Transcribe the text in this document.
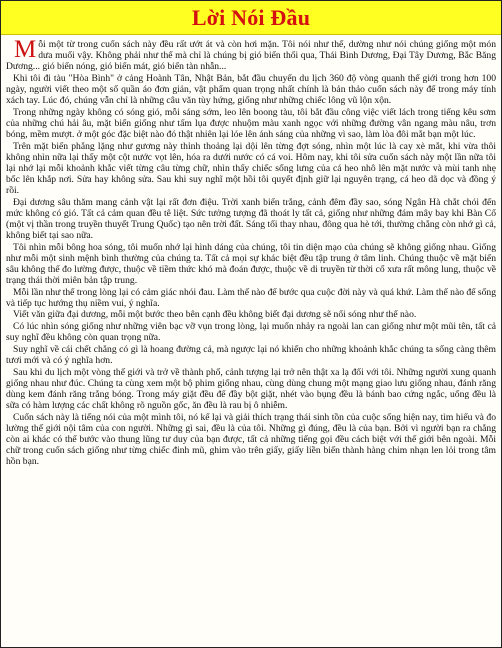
Lời Nói Đầu

Mỗi một từ trong cuốn sách này đều rất ướt át và còn hơi mặn. Tôi nói như thế, dường như nói chúng giống một món dưa muối vậy. Không phải như thế mà chỉ là chúng bị gió biển thổi qua, Thái Bình Dương, Đại Tây Dương, Bắc Băng Dương... gió biển nóng, gió biển mát, gió biển tàn nhẫn...

Khi tôi đi tàu "Hòa Bình" ở cảng Hoành Tân, Nhật Bản, bắt đầu chuyến du lịch 360 độ vòng quanh thế giới trong hơn 100 ngày, người viết theo một số quần áo đơn giản, vật phẩm quan trọng nhất chính là bản thảo cuốn sách này để trong máy tính xách tay. Lúc đó, chúng vẫn chỉ là những câu văn tùy hứng, giống như những chiếc lông vũ lộn xộn.

Trong những ngày không có sóng gió, mỗi sáng sớm, leo lên boong tàu, tôi bắt đầu công việc viết lách trong tiếng kêu sơm của những chú hải âu, mặt biển giống như tấm lụa được nhuộm màu xanh ngọc với những đường vân ngang màu nâu, trơn bóng, mềm mượt. ở một góc đặc biệt nào đó thật nhiên lại lóe lên ánh sáng của những vì sao, làm lòa đôi mắt bạn một lúc.

Trên mặt biển phẳng lặng như gương này thỉnh thoảng lại dội lên từng đợt sóng, nhìn một lúc là cay xè mắt, khi vừa thôi không nhìn nữa lại thấy một cột nước vọt lên, hóa ra dưới nước có cá voi. Hôm nay, khi tôi sửa cuốn sách này một lần nữa tôi lại nhớ lại mỗi khoảnh khắc viết từng câu từng chữ, nhìn thấy chiếc sống lưng của cá heo nhô lên mặt nước và mùi tanh nhẹ bốc lên khắp nơi. Sửa hay không sửa. Sau khi suy nghĩ một hồi tôi quyết định giữ lại nguyên trạng, cá heo dã dọc và đồng ý rồi.

Đại dương sâu thăm mang cảnh vật lại rất đơn điệu. Trời xanh biển trắng, cảnh đêm đầy sao, sóng Ngân Hà chắt chói đến mức không có gió. Tất cả cảm quan đều tê liệt. Sức tưởng tượng đã thoát ly tất cả, giống như những đám mây bay khi Bàn Cổ (một vị thần trong truyền thuyết Trung Quốc) tạo nên trời đất. Sáng tối thay nhau, đông qua hè tới, thường chẳng còn nhớ gì cả, không biết tại sao nữa.

Tôi nhìn mỗi bông hoa sóng, tôi muốn nhớ lại hình dáng của chúng, tôi tin diện mạo của chúng sẽ không giống nhau. Giống như mỗi một sinh mệnh bình thường của chúng ta. Tất cả mọi sự khác biệt đều tập trung ở tâm linh. Chúng thuộc về mặt biển sâu không thể đo lường được, thuộc về tiềm thức khó mà đoán được, thuộc về di truyền từ thời cổ xưa rất mông lung, thuộc về trạng thái thời miên bản tập trung.

Mỗi lần như thế trong lòng lại có cảm giác nhói đau. Làm thế nào để bước qua cuộc đời này và quá khứ. Làm thế nào để sống và tiếp tục hướng thụ niềm vui, ý nghĩa.

Viết văn giữa đại dương, mỗi một bước theo bên cạnh đều không biết đại dương sẽ nổi sóng như thế nào.

Có lúc nhìn sóng giống như những viên bạc vỡ vụn trong lòng, lại muốn nhảy ra ngoài lan can giống như một mũi tên, tất cả suy nghĩ đều không còn quan trọng nữa.

Suy nghĩ về cái chết chẳng có gì là hoang đường cả, mà ngược lại nó khiến cho những khoảnh khắc chúng ta sống càng thêm tươi mới và có ý nghĩa hơn.

Sau khi du lịch một vòng thế giới và trở về thành phố, cảnh tượng lại trở nên thật xa lạ đối với tôi. Những người xung quanh giống nhau như đúc. Chúng ta cùng xem một bộ phim giống nhau, cùng dùng chung một mạng giao lưu giống nhau, đánh răng dùng kem đánh răng trắng bóng. Trong máy giặt đều để đầy bột giặt, nhét vào bụng đều là bánh bao cứng ngắc, uống đều là sữa có hàm lượng các chất không rõ nguồn gốc, ăn đều là rau bị ô nhiễm.

Cuốn sách này là tiếng nói của một mình tôi, nó kể lại và giải thích trạng thái sinh tồn của cuộc sống hiện nay, tìm hiểu và đo lường thế giới nội tâm của con người. Những gì sai, đều là của tôi. Những gì đúng, đều là của bạn. Bởi vì người bạn ra chẳng còn ai khác có thể bước vào thung lũng tư duy của bạn được, tất cả những tiếng gọi đều cách biệt với thế giới bên ngoài. Mỗi chữ trong cuốn sách giống như từng chiếc đinh mũ, ghim vào trên giấy, giấy liền biến thành hàng chim nhạn len lỏi trong tâm hồn bạn.
